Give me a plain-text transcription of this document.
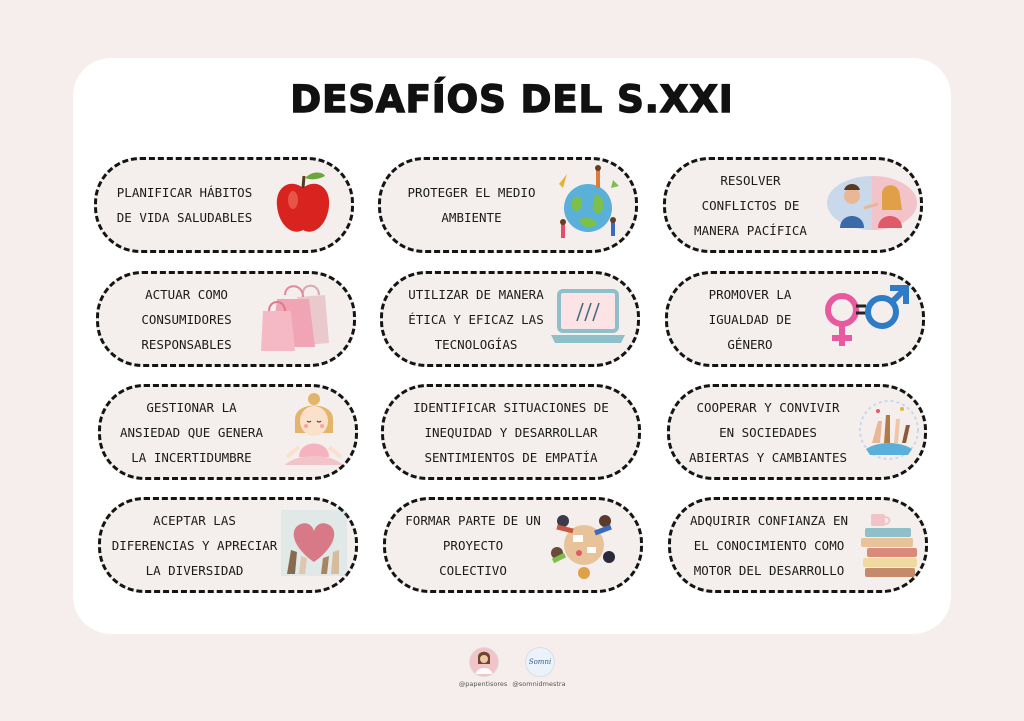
DESAFÍOS DEL S.XXI
PLANIFICAR HÁBITOS
DE VIDA SALUDABLES
PROTEGER EL MEDIO
AMBIENTE
RESOLVER
CONFLICTOS DE
MANERA PACÍFICA
ACTUAR COMO
CONSUMIDORES
RESPONSABLES
UTILIZAR DE MANERA
ÉTICA Y EFICAZ LAS
TECNOLOGÍAS
PROMOVER LA
IGUALDAD DE
GÉNERO
GESTIONAR LA
ANSIEDAD QUE GENERA
LA INCERTIDUMBRE
IDENTIFICAR SITUACIONES DE
INEQUIDAD Y DESARROLLAR
SENTIMIENTOS DE EMPATÍA
COOPERAR Y CONVIVIR
EN SOCIEDADES
ABIERTAS Y CAMBIANTES
ACEPTAR LAS
DIFERENCIAS Y APRECIAR
LA DIVERSIDAD
FORMAR PARTE DE UN
PROYECTO
COLECTIVO
ADQUIRIR CONFIANZA EN
EL CONOCIMIENTO COMO
MOTOR DEL DESARROLLO
@papentisores
Somni
@somnidmestra
